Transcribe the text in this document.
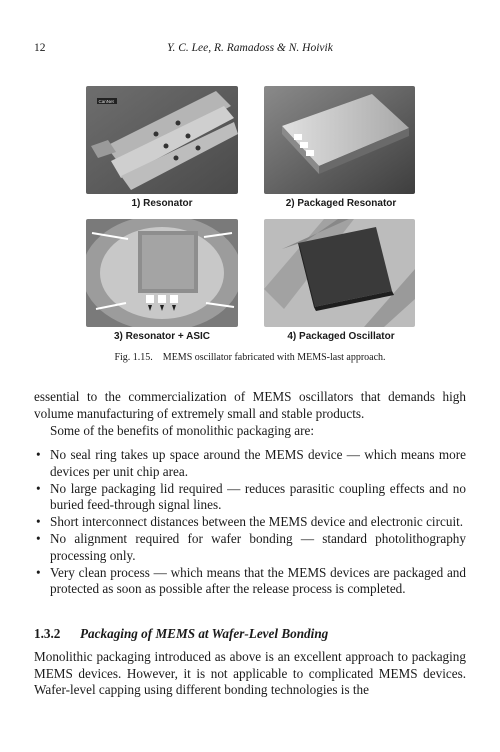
12	Y. C. Lee, R. Ramadoss & N. Hoivik
CanNet
1) Resonator	2) Packaged Resonator
3) Resonator + ASIC	4) Packaged Oscillator
Fig. 1.15. MEMS oscillator fabricated with MEMS-last approach.
essential to the commercialization of MEMS oscillators that demands high volume manufacturing of extremely small and stable products.
Some of the benefits of monolithic packaging are:
• No seal ring takes up space around the MEMS device — which means more devices per unit chip area.
• No large packaging lid required — reduces parasitic coupling effects and no buried feed-through signal lines.
• Short interconnect distances between the MEMS device and electronic circuit.
• No alignment required for wafer bonding — standard photolithography processing only.
• Very clean process — which means that the MEMS devices are packaged and protected as soon as possible after the release process is completed.
1.3.2 Packaging of MEMS at Wafer-Level Bonding
Monolithic packaging introduced as above is an excellent approach to packaging MEMS devices. However, it is not applicable to complicated MEMS devices. Wafer-level capping using different bonding technologies is the
